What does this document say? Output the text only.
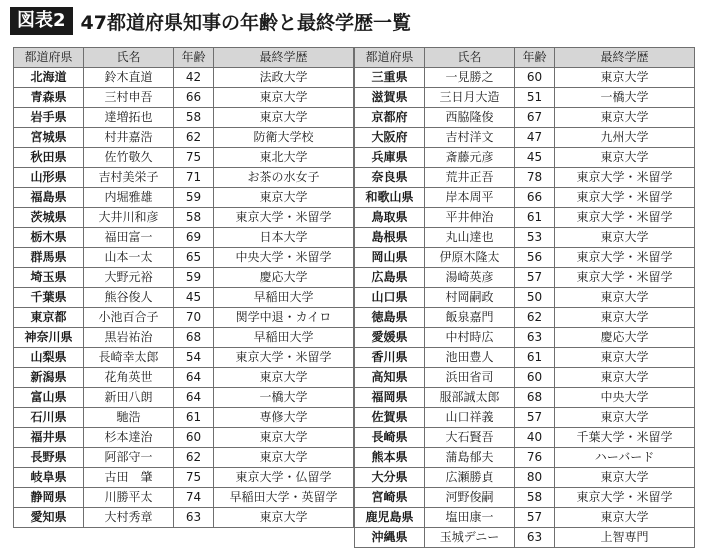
図表2 47都道府県知事の年齢と最終学歴一覧
都道府県	氏名	年齢	最終学歴
北海道	鈴木直道	42	法政大学
青森県	三村申吾	66	東京大学
岩手県	達増拓也	58	東京大学
宮城県	村井嘉浩	62	防衛大学校
秋田県	佐竹敬久	75	東北大学
山形県	吉村美栄子	71	お茶の水女子
福島県	内堀雅雄	59	東京大学
茨城県	大井川和彦	58	東京大学・米留学
栃木県	福田富一	69	日本大学
群馬県	山本一太	65	中央大学・米留学
埼玉県	大野元裕	59	慶応大学
千葉県	熊谷俊人	45	早稲田大学
東京都	小池百合子	70	関学中退・カイロ
神奈川県	黒岩祐治	68	早稲田大学
山梨県	長崎幸太郎	54	東京大学・米留学
新潟県	花角英世	64	東京大学
富山県	新田八朗	64	一橋大学
石川県	馳浩	61	専修大学
福井県	杉本達治	60	東京大学
長野県	阿部守一	62	東京大学
岐阜県	古田　肇	75	東京大学・仏留学
静岡県	川勝平太	74	早稲田大学・英留学
愛知県	大村秀章	63	東京大学
都道府県	氏名	年齢	最終学歴
三重県	一見勝之	60	東京大学
滋賀県	三日月大造	51	一橋大学
京都府	西脇隆俊	67	東京大学
大阪府	吉村洋文	47	九州大学
兵庫県	斎藤元彦	45	東京大学
奈良県	荒井正吾	78	東京大学・米留学
和歌山県	岸本周平	66	東京大学・米留学
鳥取県	平井伸治	61	東京大学・米留学
島根県	丸山達也	53	東京大学
岡山県	伊原木隆太	56	東京大学・米留学
広島県	湯崎英彦	57	東京大学・米留学
山口県	村岡嗣政	50	東京大学
徳島県	飯泉嘉門	62	東京大学
愛媛県	中村時広	63	慶応大学
香川県	池田豊人	61	東京大学
高知県	浜田省司	60	東京大学
福岡県	服部誠太郎	68	中央大学
佐賀県	山口祥義	57	東京大学
長崎県	大石賢吾	40	千葉大学・米留学
熊本県	蒲島郁夫	76	ハーバード
大分県	広瀬勝貞	80	東京大学
宮崎県	河野俊嗣	58	東京大学・米留学
鹿児島県	塩田康一	57	東京大学
沖縄県	玉城デニー	63	上智専門
